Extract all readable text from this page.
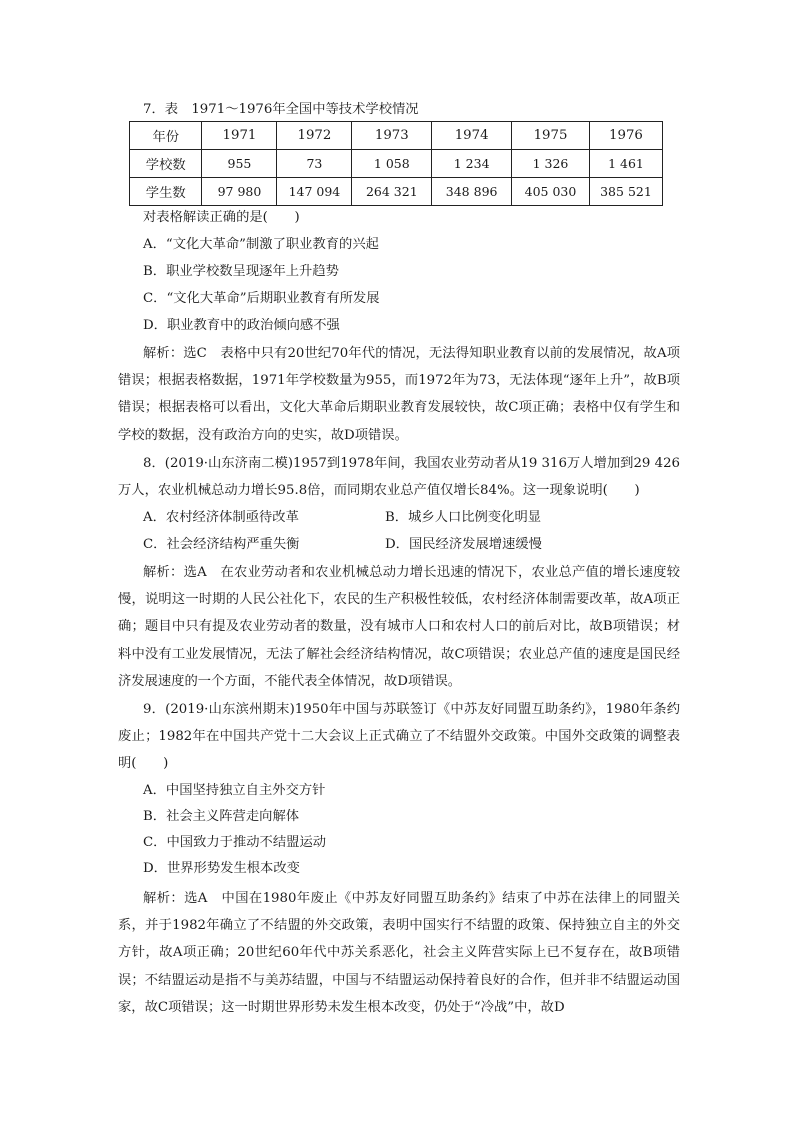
7．表　1971～1976年全国中等技术学校情况
年份	1971	1972	1973	1974	1975	1976
学校数	955	73	1 058	1 234	1 326	1 461
学生数	97 980	147 094	264 321	348 896	405 030	385 521
对表格解读正确的是(　　)
A．“文化大革命”制激了职业教育的兴起
B．职业学校数呈现逐年上升趋势
C．“文化大革命”后期职业教育有所发展
D．职业教育中的政治倾向感不强
解析：选C　表格中只有20世纪70年代的情况，无法得知职业教育以前的发展情况，故A项错误；根据表格数据，1971年学校数量为955，而1972年为73，无法体现“逐年上升”，故B项错误；根据表格可以看出，文化大革命后期职业教育发展较快，故C项正确；表格中仅有学生和学校的数据，没有政治方向的史实，故D项错误。
8．(2019·山东济南二模)1957到1978年间，我国农业劳动者从19 316万人增加到29 426万人，农业机械总动力增长95.8倍，而同期农业总产值仅增长84%。这一现象说明(　　)
A．农村经济体制亟待改革	B．城乡人口比例变化明显
C．社会经济结构严重失衡	D．国民经济发展增速缓慢
解析：选A　在农业劳动者和农业机械总动力增长迅速的情况下，农业总产值的增长速度较慢，说明这一时期的人民公社化下，农民的生产积极性较低，农村经济体制需要改革，故A项正确；题目中只有提及农业劳动者的数量，没有城市人口和农村人口的前后对比，故B项错误；材料中没有工业发展情况，无法了解社会经济结构情况，故C项错误；农业总产值的速度是国民经济发展速度的一个方面，不能代表全体情况，故D项错误。
9．(2019·山东滨州期末)1950年中国与苏联签订《中苏友好同盟互助条约》，1980年条约废止；1982年在中国共产党十二大会议上正式确立了不结盟外交政策。中国外交政策的调整表明(　　)
A．中国坚持独立自主外交方针
B．社会主义阵营走向解体
C．中国致力于推动不结盟运动
D．世界形势发生根本改变
解析：选A　中国在1980年废止《中苏友好同盟互助条约》结束了中苏在法律上的同盟关系，并于1982年确立了不结盟的外交政策，表明中国实行不结盟的政策、保持独立自主的外交方针，故A项正确；20世纪60年代中苏关系恶化，社会主义阵营实际上已不复存在，故B项错误；不结盟运动是指不与美苏结盟，中国与不结盟运动保持着良好的合作，但并非不结盟运动国家，故C项错误；这一时期世界形势未发生根本改变，仍处于“冷战”中，故D
